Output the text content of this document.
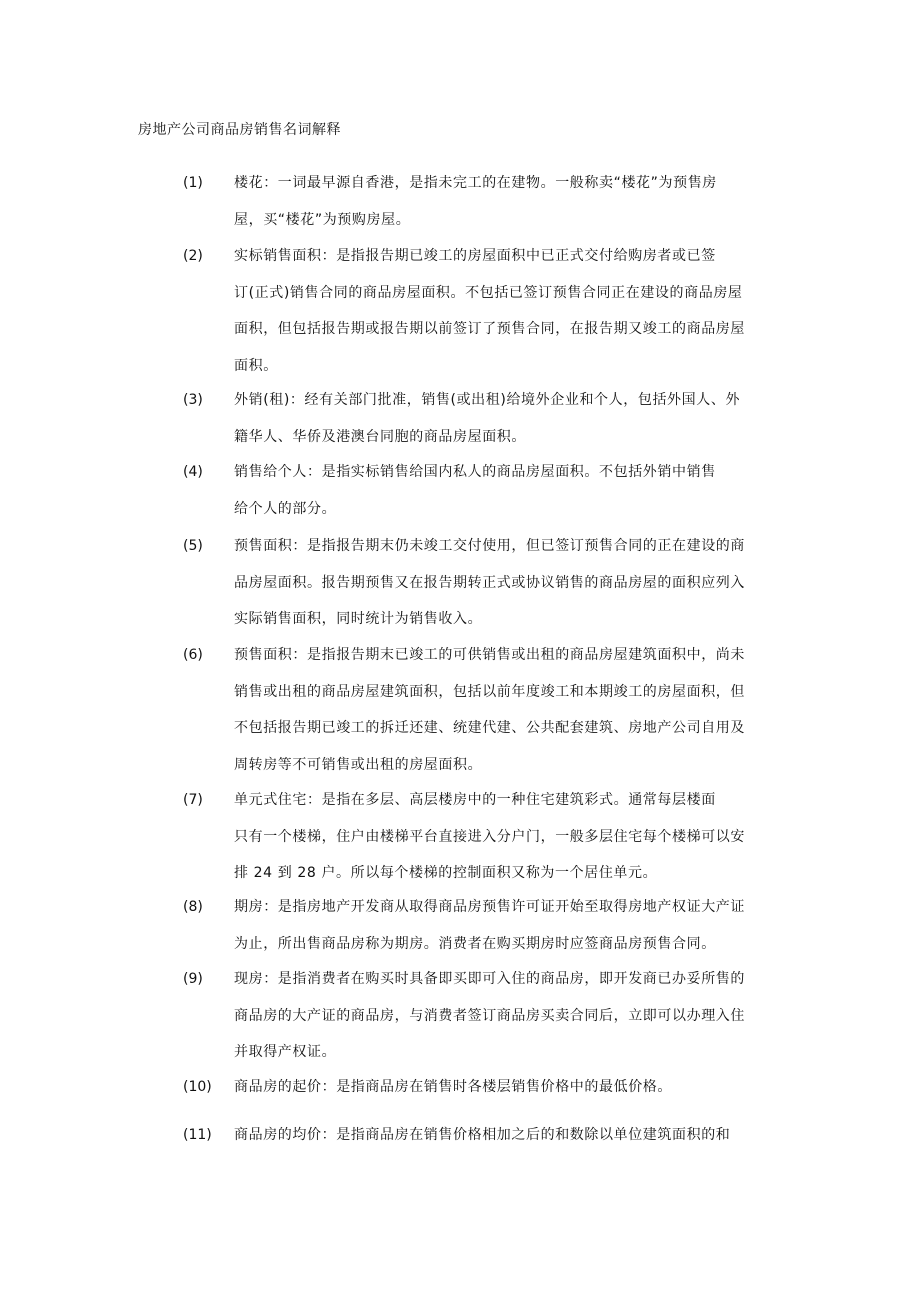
房地产公司商品房销售名词解释
(1) 楼花：一词最早源自香港，是指未完工的在建物。一般称卖“楼花”为预售房
屋，买“楼花”为预购房屋。
(2) 实标销售面积：是指报告期已竣工的房屋面积中已正式交付给购房者或已签
订(正式)销售合同的商品房屋面积。不包括已签订预售合同正在建设的商品房屋
面积，但包括报告期或报告期以前签订了预售合同，在报告期又竣工的商品房屋
面积。
(3) 外销(租)：经有关部门批准，销售(或出租)给境外企业和个人，包括外国人、外
籍华人、华侨及港澳台同胞的商品房屋面积。
(4) 销售给个人：是指实标销售给国内私人的商品房屋面积。不包括外销中销售
给个人的部分。
(5) 预售面积：是指报告期末仍未竣工交付使用，但已签订预售合同的正在建设的商
品房屋面积。报告期预售又在报告期转正式或协议销售的商品房屋的面积应列入
实际销售面积，同时统计为销售收入。
(6) 预售面积：是指报告期末已竣工的可供销售或出租的商品房屋建筑面积中，尚未
销售或出租的商品房屋建筑面积，包括以前年度竣工和本期竣工的房屋面积，但
不包括报告期已竣工的拆迁还建、统建代建、公共配套建筑、房地产公司自用及
周转房等不可销售或出租的房屋面积。
(7) 单元式住宅：是指在多层、高层楼房中的一种住宅建筑彩式。通常每层楼面
只有一个楼梯，住户由楼梯平台直接进入分户门，一般多层住宅每个楼梯可以安
排 24 到 28 户。所以每个楼梯的控制面积又称为一个居住单元。
(8) 期房：是指房地产开发商从取得商品房预售许可证开始至取得房地产权证大产证
为止，所出售商品房称为期房。消费者在购买期房时应签商品房预售合同。
(9) 现房：是指消费者在购买时具备即买即可入住的商品房，即开发商已办妥所售的
商品房的大产证的商品房，与消费者签订商品房买卖合同后，立即可以办理入住
并取得产权证。
(10) 商品房的起价：是指商品房在销售时各楼层销售价格中的最低价格。
(11) 商品房的均价：是指商品房在销售价格相加之后的和数除以单位建筑面积的和
